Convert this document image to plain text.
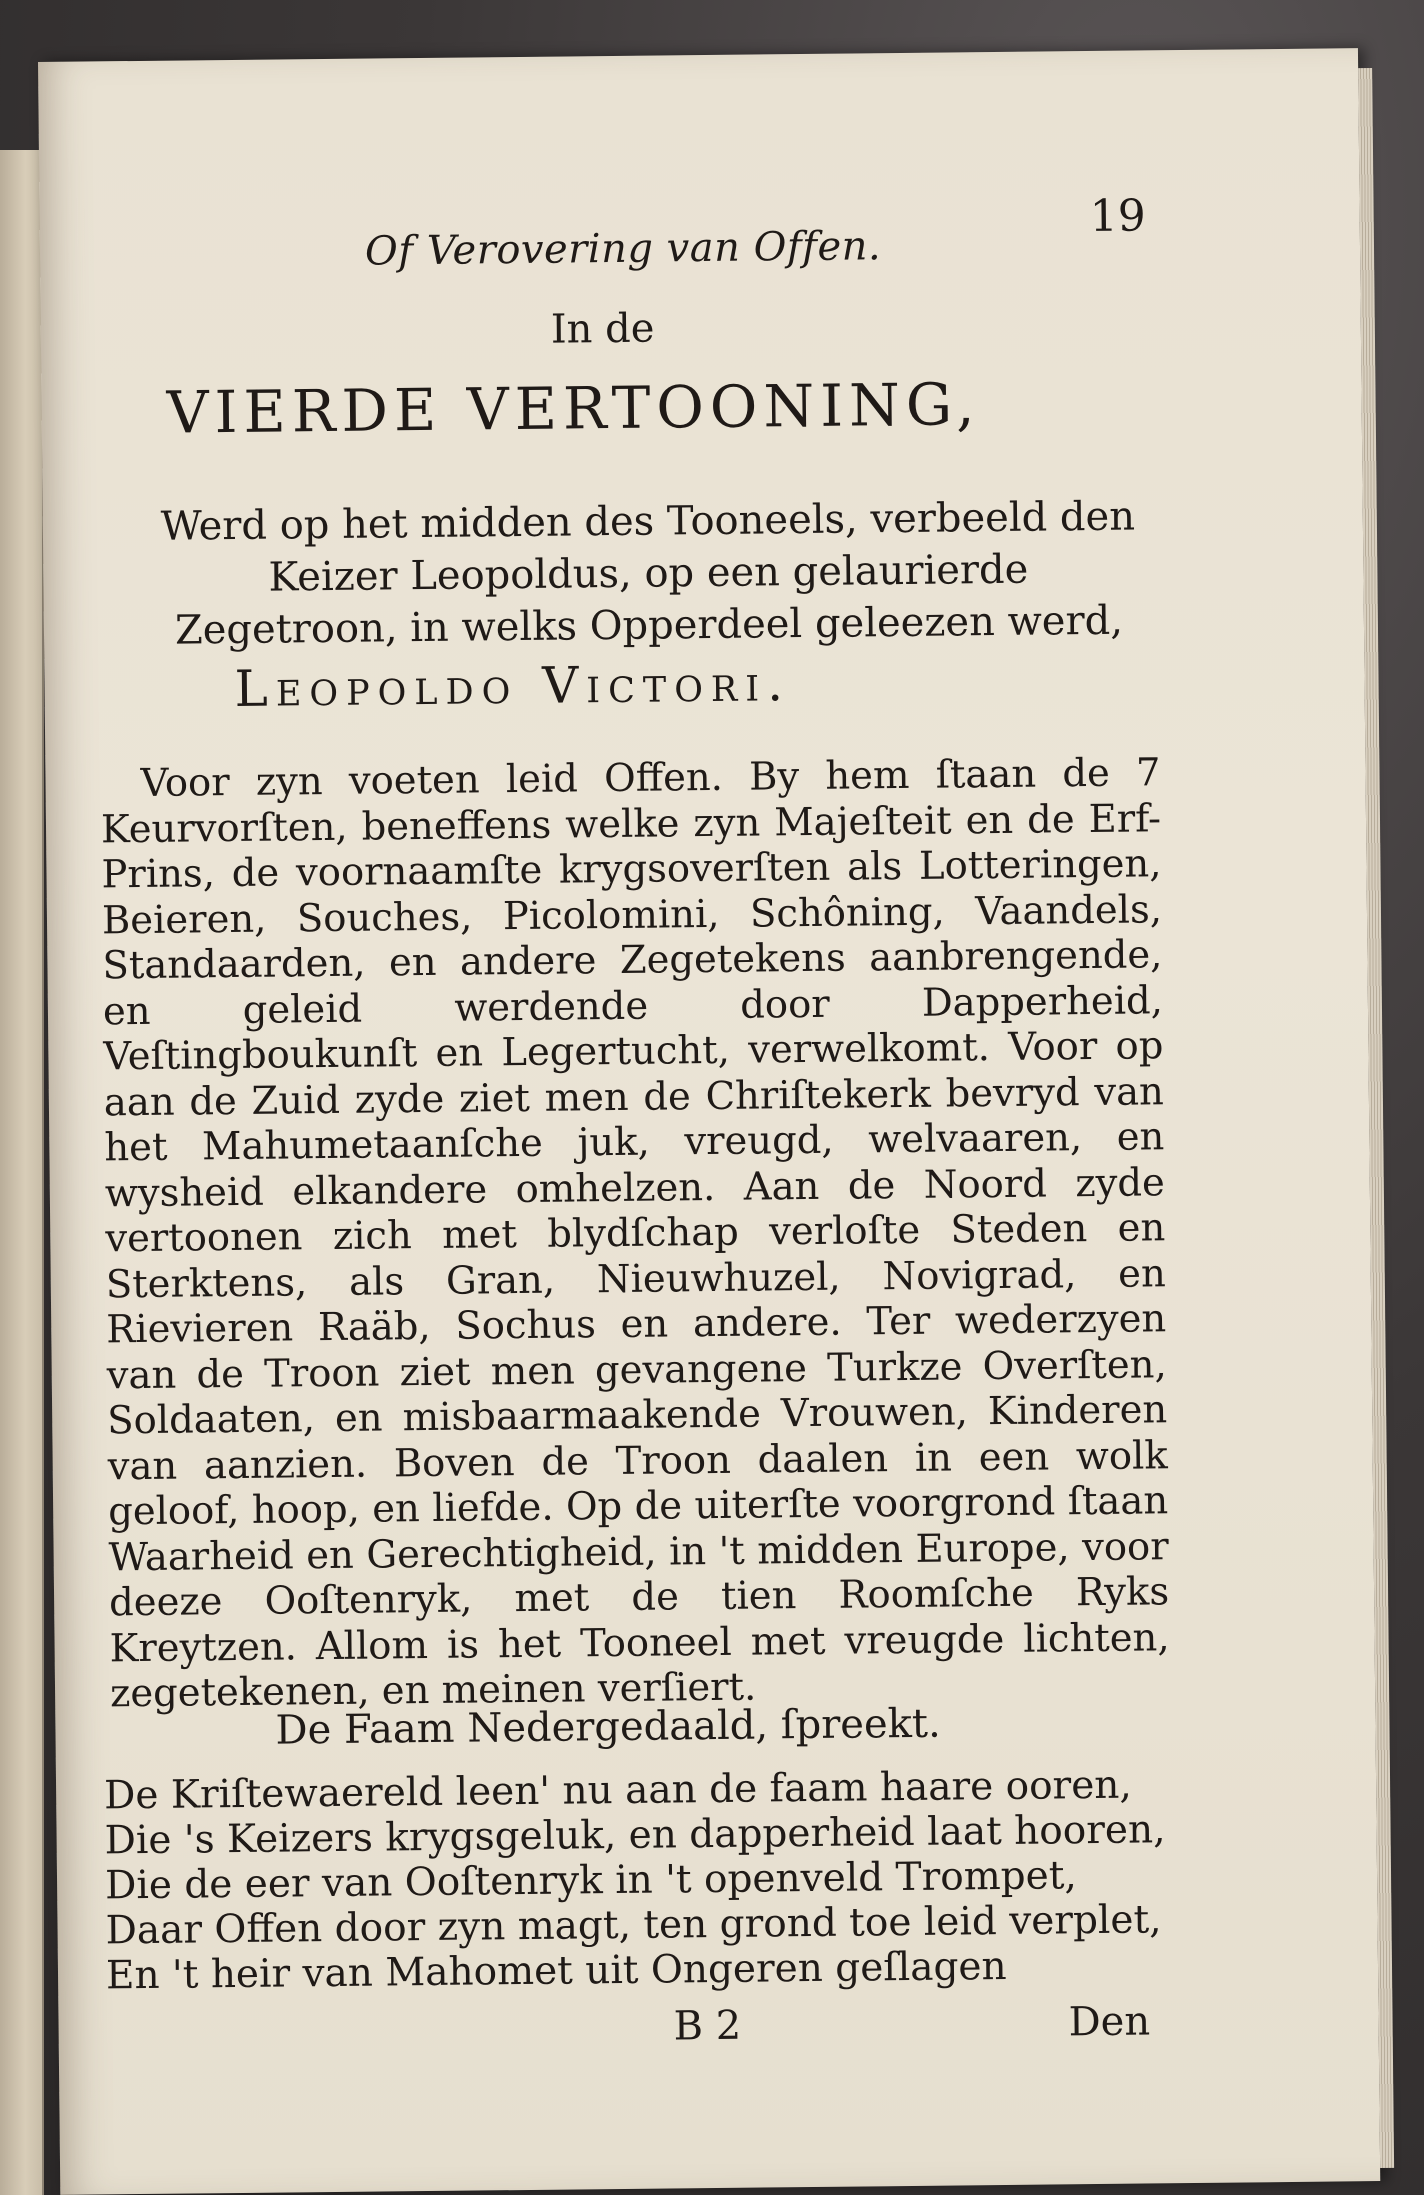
Of Verovering van Offen.
19
In de
VIERDE VERTOONING,
Werd op het midden des Tooneels, verbeeld den Keizer Leopoldus, op een gelaurierde Zegetroon, in welks Opperdeel geleezen werd,
Leopoldo Victori.
Voor zyn voeten leid Offen. By hem ſtaan de 7 Keurvorſten, beneffens welke zyn Majeſteit en de Erf-Prins, de voornaamſte krygsoverſten als Lotteringen, Beieren, Souches, Picolomini, Schôning, Vaandels, Standaarden, en andere Zegetekens aanbrengende, en geleid werdende door Dapperheid, Veſtingboukunſt en Legertucht, verwelkomt. Voor op aan de Zuid zyde ziet men de Chriſtekerk bevryd van het Mahumetaanſche juk, vreugd, welvaaren, en wysheid elkandere omhelzen. Aan de Noord zyde vertoonen zich met blydſchap verloſte Steden en Sterktens, als Gran, Nieuwhuzel, Novigrad, en Rievieren Raäb, Sochus en andere. Ter wederzyen van de Troon ziet men gevangene Turkze Overſten, Soldaaten, en misbaarmaakende Vrouwen, Kinderen van aanzien. Boven de Troon daalen in een wolk geloof, hoop, en liefde. Op de uiterſte voorgrond ſtaan Waarheid en Gerechtigheid, in 't midden Europe, voor deeze Ooſtenryk, met de tien Roomſche Ryks Kreytzen. Allom is het Tooneel met vreugde lichten, zegetekenen, en meinen verſiert.
De Faam Nedergedaald, ſpreekt.
De Kriſtewaereld leen' nu aan de faam haare ooren,
Die 's Keizers krygsgeluk, en dapperheid laat hooren,
Die de eer van Ooſtenryk in 't openveld Trompet,
Daar Offen door zyn magt, ten grond toe leid verplet,
En 't heir van Mahomet uit Ongeren geſlagen
B 2	Den
